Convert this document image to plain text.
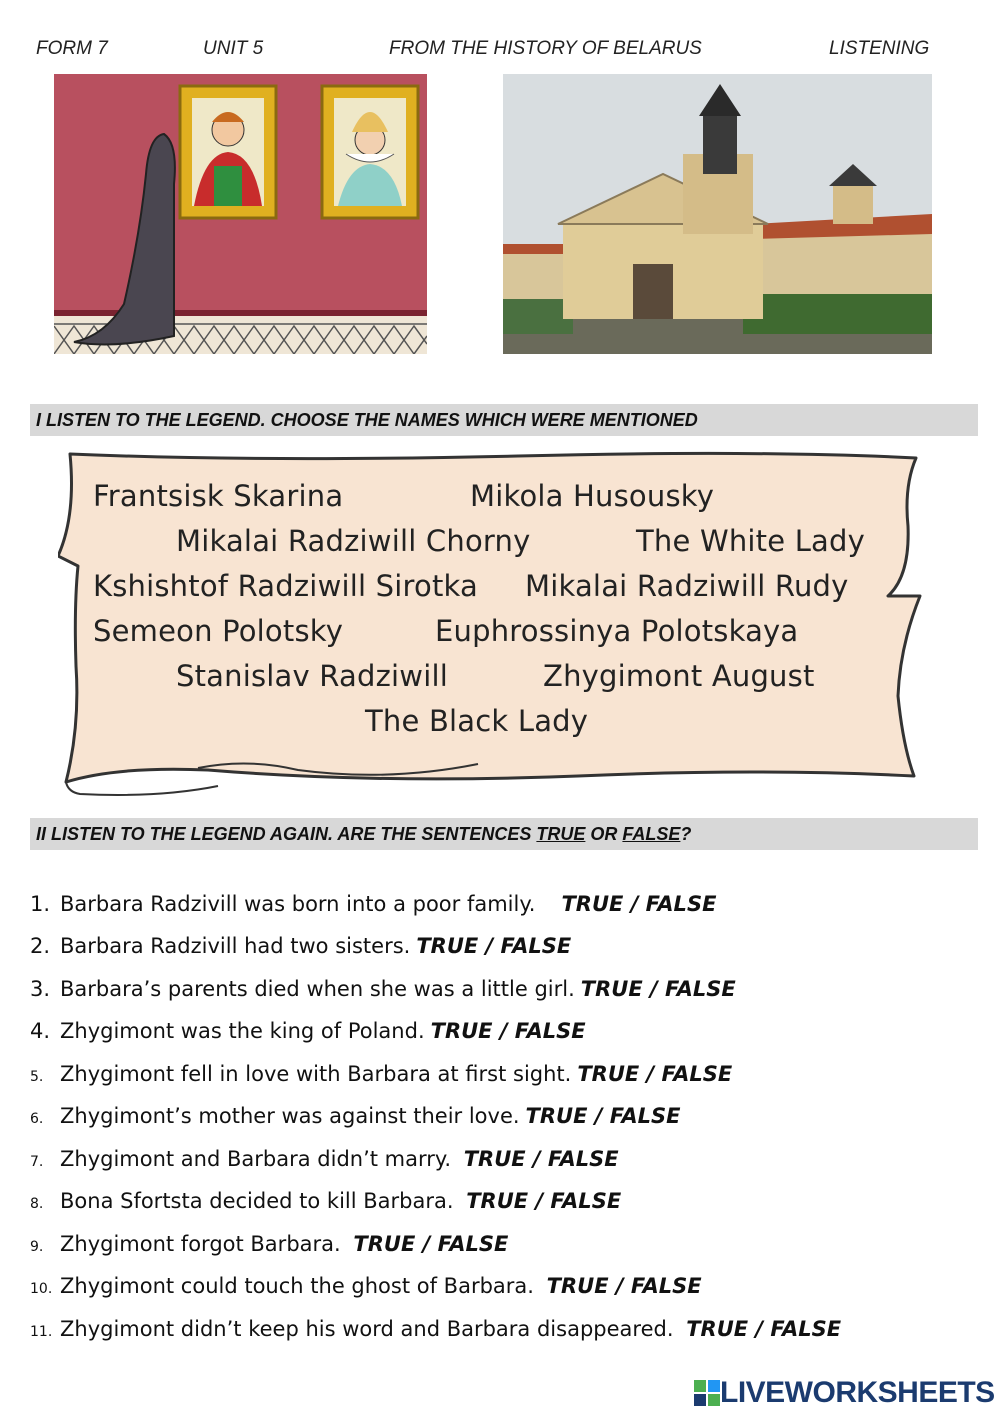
FORM 7	UNIT 5	FROM THE HISTORY OF BELARUS	LISTENING
I LISTEN TO THE LEGEND. CHOOSE THE NAMES WHICH WERE MENTIONED
Frantsisk Skarina	Mikola Husousky
Mikalai Radziwill Chorny	The White Lady
Kshishtof Radziwill Sirotka Mikalai Radziwill Rudy
Semeon Polotsky	Euphrossinya Polotskaya
Stanislav Radziwill	Zhygimont August
The Black Lady
II LISTEN TO THE LEGEND AGAIN. ARE THE SENTENCES TRUE OR FALSE?
1. Barbara Radzivill was born into a poor family. TRUE / FALSE
2. Barbara Radzivill had two sisters. TRUE / FALSE
3. Barbara’s parents died when she was a little girl. TRUE / FALSE
4. Zhygimont was the king of Poland. TRUE / FALSE
5. Zhygimont fell in love with Barbara at first sight. TRUE / FALSE
6. Zhygimont’s mother was against their love. TRUE / FALSE
7. Zhygimont and Barbara didn’t marry. TRUE / FALSE
8. Bona Sfortsta decided to kill Barbara. TRUE / FALSE
9. Zhygimont forgot Barbara. TRUE / FALSE
10. Zhygimont could touch the ghost of Barbara. TRUE / FALSE
11. Zhygimont didn’t keep his word and Barbara disappeared. TRUE / FALSE
LIVEWORKSHEETS
